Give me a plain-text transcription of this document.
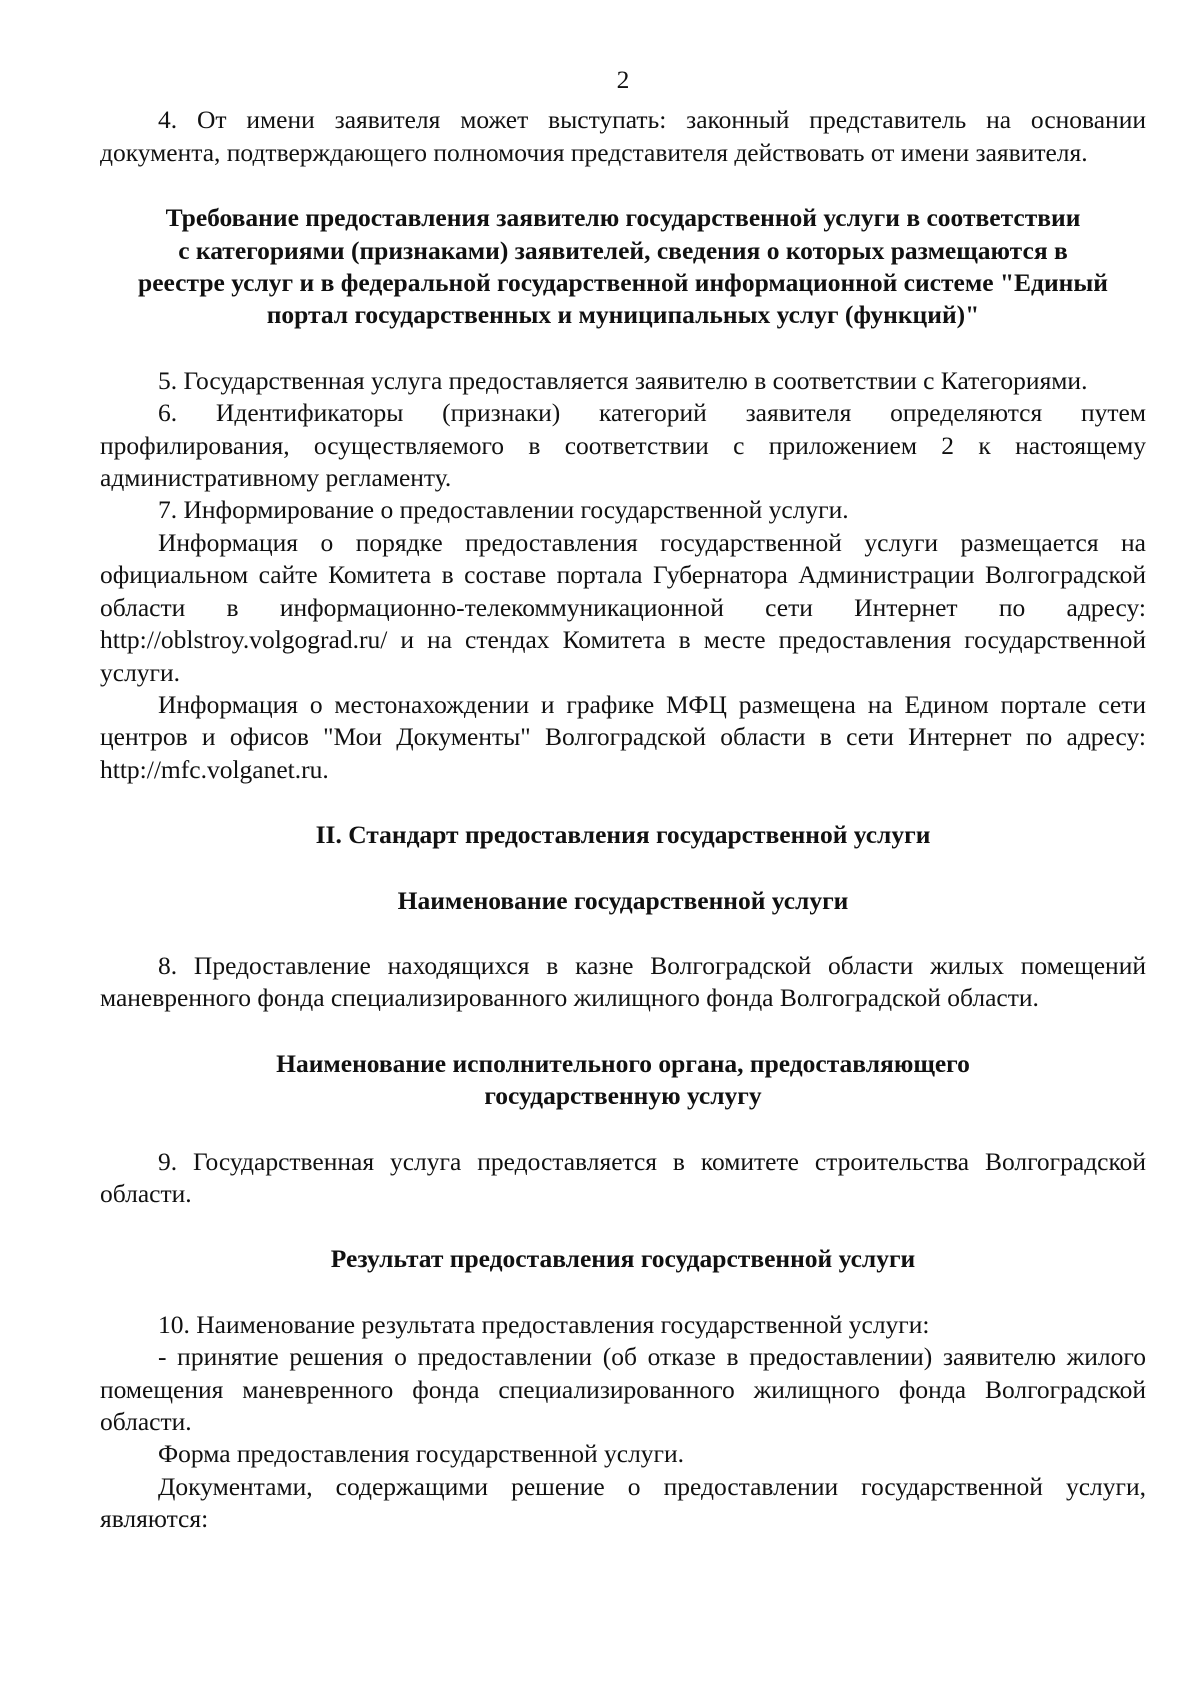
2

4. От имени заявителя может выступать: законный представитель на основании документа, подтверждающего полномочия представителя действовать от имени заявителя.

Требование предоставления заявителю государственной услуги в соответствии
с категориями (признаками) заявителей, сведения о которых размещаются в
реестре услуг и в федеральной государственной информационной системе "Единый
портал государственных и муниципальных услуг (функций)"

5. Государственная услуга предоставляется заявителю в соответствии с Категориями.

6. Идентификаторы (признаки) категорий заявителя определяются путем профилирования, осуществляемого в соответствии с приложением 2 к настоящему административному регламенту.

7. Информирование о предоставлении государственной услуги.

Информация о порядке предоставления государственной услуги размещается на официальном сайте Комитета в составе портала Губернатора Администрации Волгоградской области в информационно-телекоммуникационной сети Интернет по адресу: http://oblstroy.volgograd.ru/ и на стендах Комитета в месте предоставления государственной услуги.

Информация о местонахождении и графике МФЦ размещена на Едином портале сети центров и офисов "Мои Документы" Волгоградской области в сети Интернет по адресу: http://mfc.volganet.ru.

II. Стандарт предоставления государственной услуги
Наименование государственной услуги

8. Предоставление находящихся в казне Волгоградской области жилых помещений маневренного фонда специализированного жилищного фонда Волгоградской области.

Наименование исполнительного органа, предоставляющего
государственную услугу

9. Государственная услуга предоставляется в комитете строительства Волгоградской области.

Результат предоставления государственной услуги

10. Наименование результата предоставления государственной услуги:

- принятие решения о предоставлении (об отказе в предоставлении) заявителю жилого помещения маневренного фонда специализированного жилищного фонда Волгоградской области.

Форма предоставления государственной услуги.

Документами, содержащими решение о предоставлении государственной услуги, являются:
